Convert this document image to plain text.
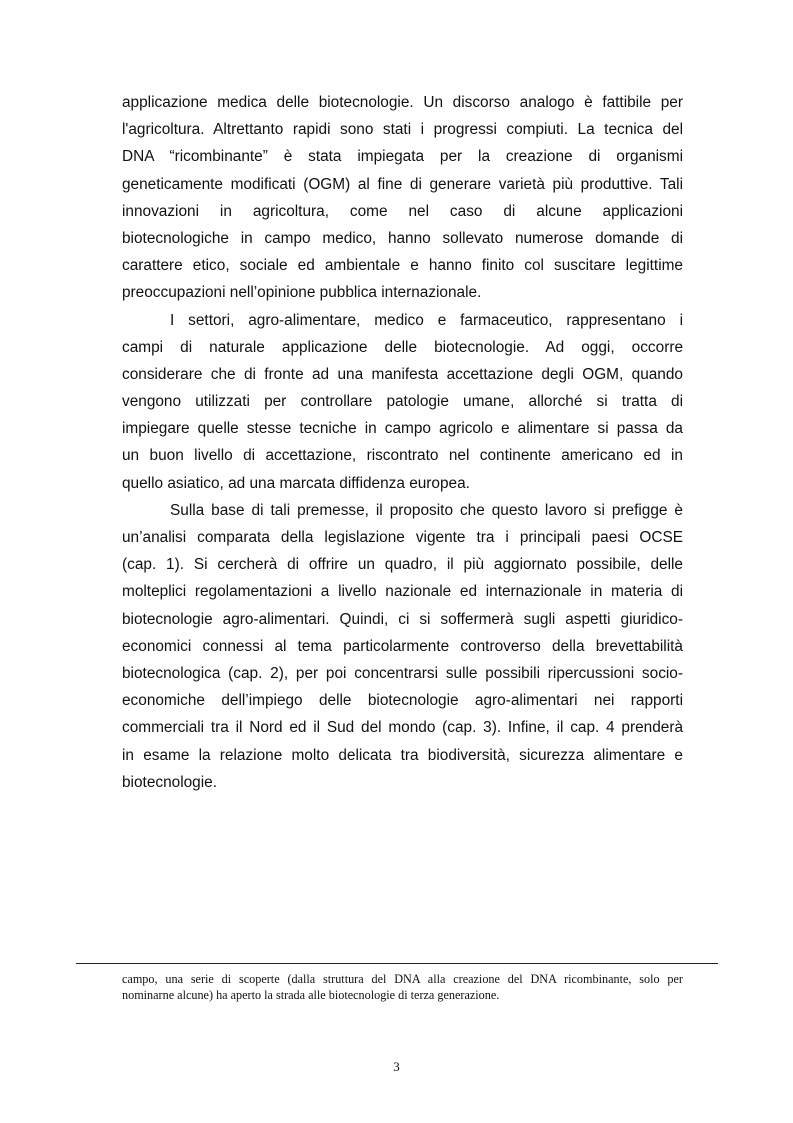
applicazione medica delle biotecnologie. Un discorso analogo è fattibile per
l'agricoltura. Altrettanto rapidi sono stati i progressi compiuti. La tecnica del
DNA “ricombinante” è stata impiegata per la creazione di organismi
geneticamente modificati (OGM) al fine di generare varietà più produttive. Tali
innovazioni in agricoltura, come nel caso di alcune applicazioni
biotecnologiche in campo medico, hanno sollevato numerose domande di
carattere etico, sociale ed ambientale e hanno finito col suscitare legittime
preoccupazioni nell’opinione pubblica internazionale.
I settori, agro-alimentare, medico e farmaceutico, rappresentano i
campi di naturale applicazione delle biotecnologie. Ad oggi, occorre
considerare che di fronte ad una manifesta accettazione degli OGM, quando
vengono utilizzati per controllare patologie umane, allorché si tratta di
impiegare quelle stesse tecniche in campo agricolo e alimentare si passa da
un buon livello di accettazione, riscontrato nel continente americano ed in
quello asiatico, ad una marcata diffidenza europea.
Sulla base di tali premesse, il proposito che questo lavoro si prefigge è
un’analisi comparata della legislazione vigente tra i principali paesi OCSE
(cap. 1). Si cercherà di offrire un quadro, il più aggiornato possibile, delle
molteplici regolamentazioni a livello nazionale ed internazionale in materia di
biotecnologie agro-alimentari. Quindi, ci si soffermerà sugli aspetti giuridico-
economici connessi al tema particolarmente controverso della brevettabilità
biotecnologica (cap. 2), per poi concentrarsi sulle possibili ripercussioni socio-
economiche dell’impiego delle biotecnologie agro-alimentari nei rapporti
commerciali tra il Nord ed il Sud del mondo (cap. 3). Infine, il cap. 4 prenderà
in esame la relazione molto delicata tra biodiversità, sicurezza alimentare e
biotecnologie.
campo, una serie di scoperte (dalla struttura del DNA alla creazione del DNA ricombinante, solo per
nominarne alcune) ha aperto la strada alle biotecnologie di terza generazione.
3
